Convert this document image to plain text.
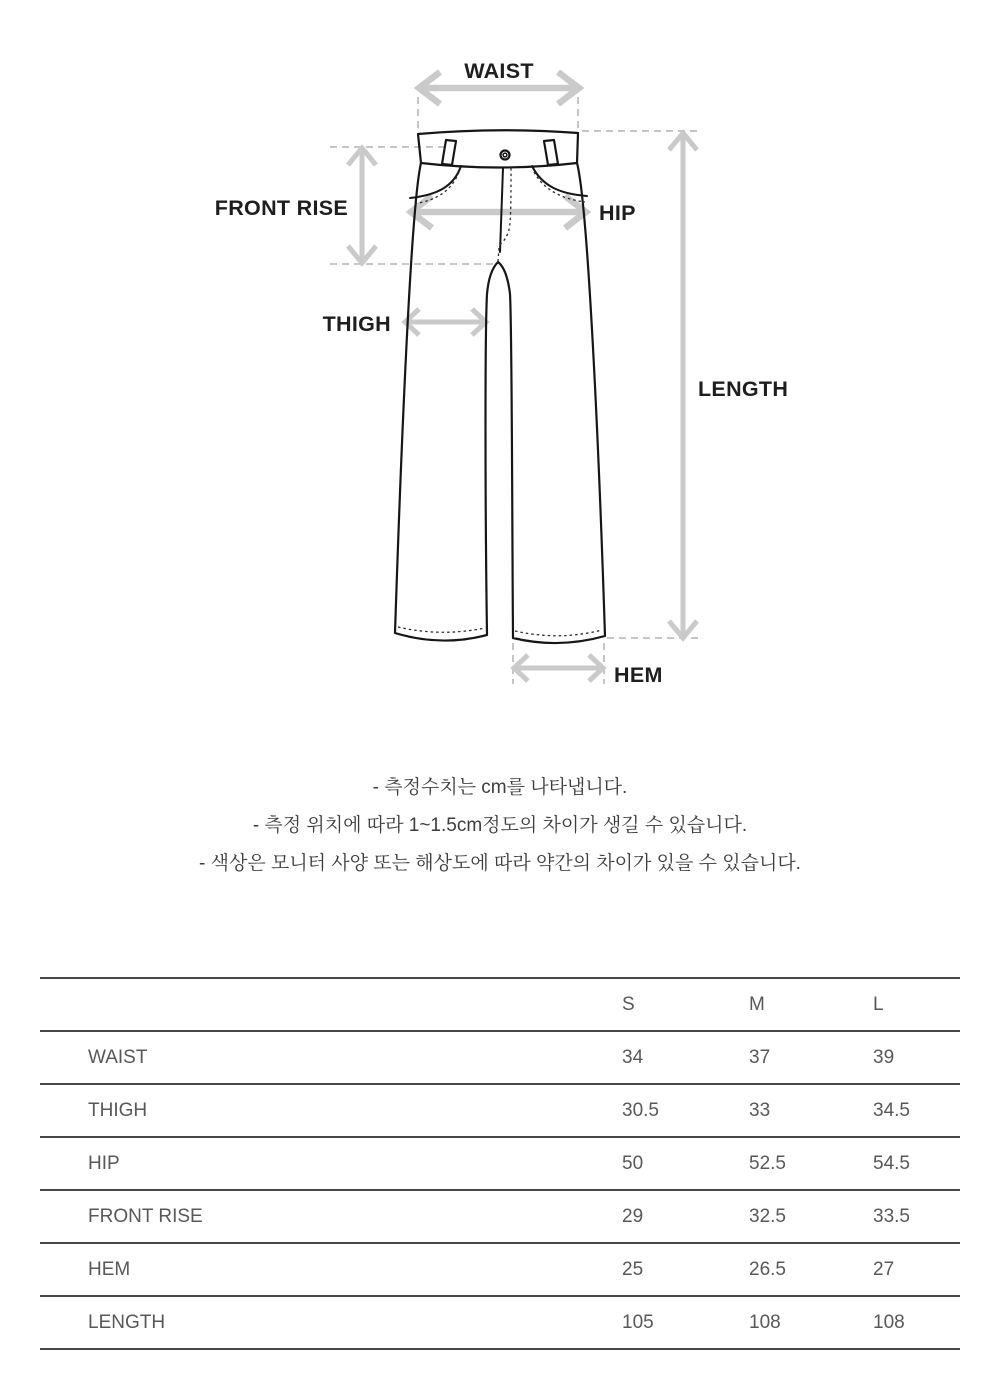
WAIST
FRONT RISE	HIP
THIGH
LENGTH
HEM

- 측정수치는 cm를 나타냅니다.

- 측정 위치에 따라 1~1.5cm정도의 차이가 생길 수 있습니다.

- 색상은 모니터 사양 또는 해상도에 따라 약간의 차이가 있을 수 있습니다.

	S	M	L
WAIST	34	37	39
THIGH	30.5	33	34.5
HIP	50	52.5	54.5
FRONT RISE	29	32.5	33.5
HEM	25	26.5	27
LENGTH	105	108	108
